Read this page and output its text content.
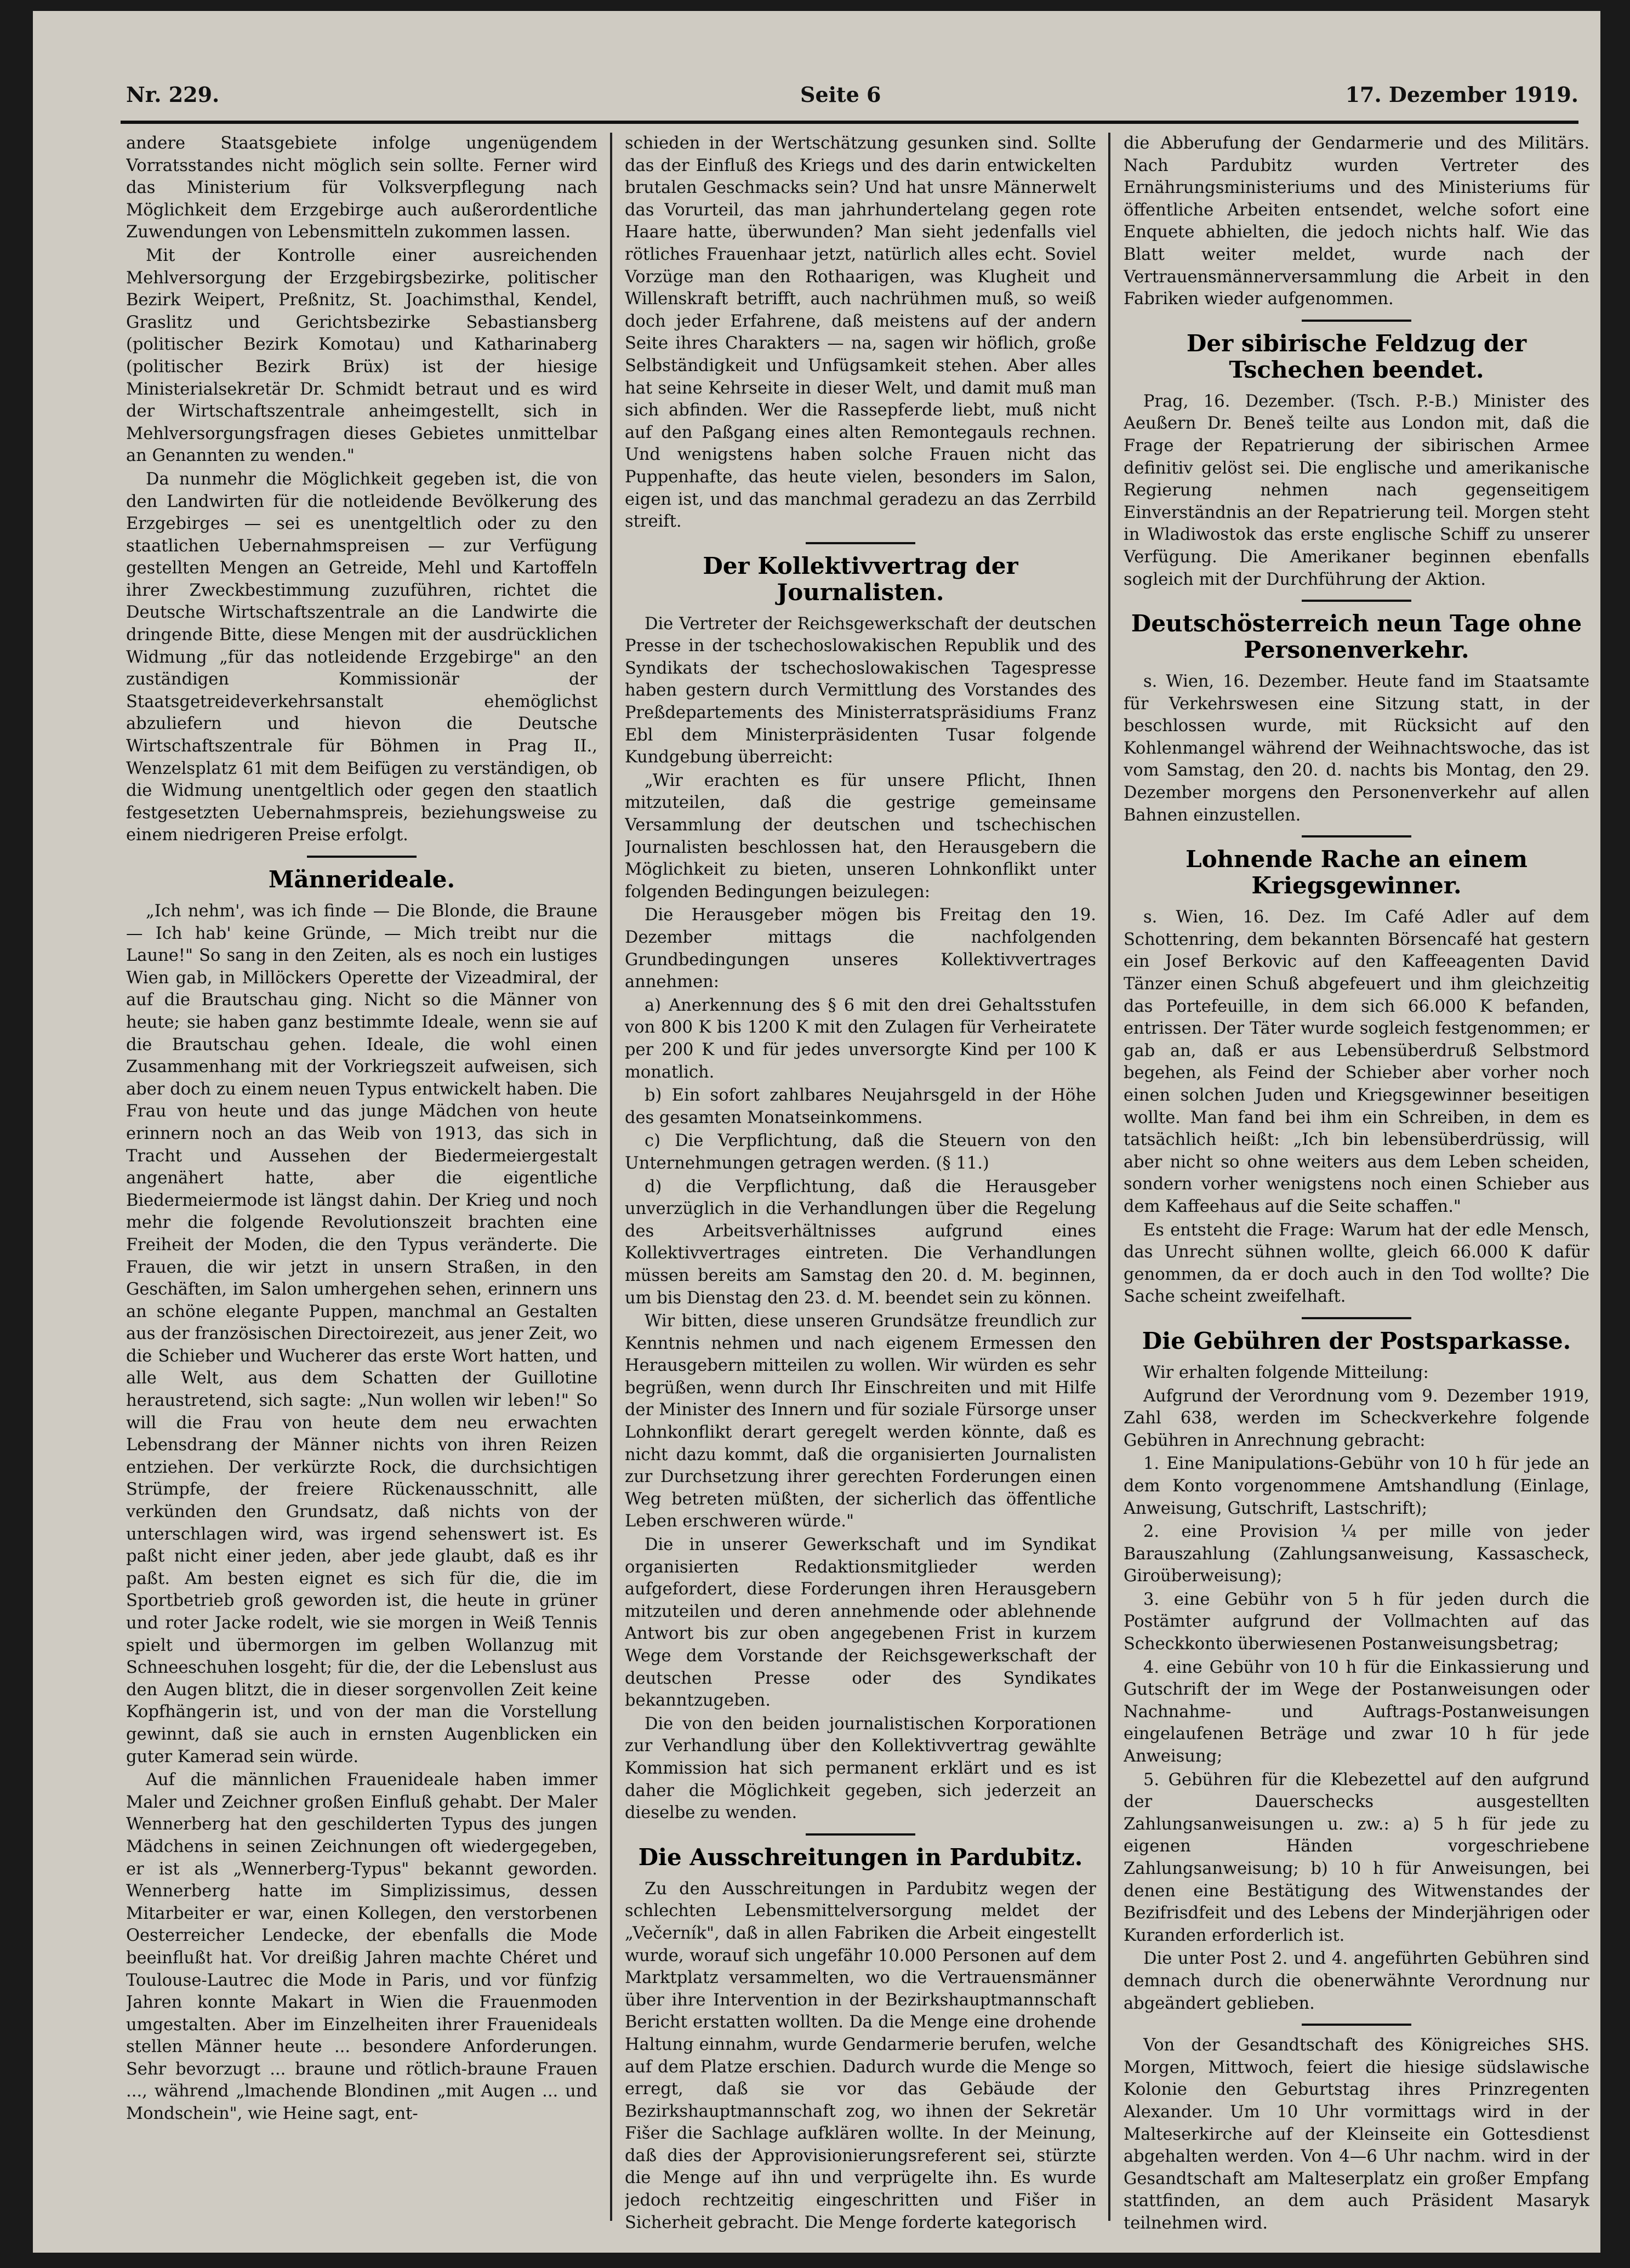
Nr. 229.	Seite 6	17. Dezember 1919.

andere Staatsgebiete infolge ungenügendem Vorratsstandes nicht möglich sein sollte. Ferner wird das Ministerium für Volksverpflegung nach Möglichkeit dem Erzgebirge auch außerordentliche Zuwendungen von Lebensmitteln zukommen lassen.

Mit der Kontrolle einer ausreichenden Mehlversorgung der Erzgebirgsbezirke, politischer Bezirk Weipert, Preßnitz, St. Joachimsthal, Kendel, Graslitz und Gerichtsbezirke Sebastiansberg (politischer Bezirk Komotau) und Katharinaberg (politischer Bezirk Brüx) ist der hiesige Ministerialsekretär Dr. Schmidt betraut und es wird der Wirtschaftszentrale anheimgestellt, sich in Mehlversorgungsfragen dieses Gebietes unmittelbar an Genannten zu wenden."

Da nunmehr die Möglichkeit gegeben ist, die von den Landwirten für die notleidende Bevölkerung des Erzgebirges — sei es unentgeltlich oder zu den staatlichen Uebernahmspreisen — zur Verfügung gestellten Mengen an Getreide, Mehl und Kartoffeln ihrer Zweckbestimmung zuzuführen, richtet die Deutsche Wirtschaftszentrale an die Landwirte die dringende Bitte, diese Mengen mit der ausdrücklichen Widmung „für das notleidende Erzgebirge" an den zuständigen Kommissionär der Staatsgetreideverkehrsanstalt ehemöglichst abzuliefern und hievon die Deutsche Wirtschaftszentrale für Böhmen in Prag II., Wenzelsplatz 61 mit dem Beifügen zu verständigen, ob die Widmung unentgeltlich oder gegen den staatlich festgesetzten Uebernahmspreis, beziehungsweise zu einem niedrigeren Preise erfolgt.

Männerideale.

„Ich nehm', was ich finde — Die Blonde, die Braune — Ich hab' keine Gründe, — Mich treibt nur die Laune!" So sang in den Zeiten, als es noch ein lustiges Wien gab, in Millöckers Operette der Vizeadmiral, der auf die Brautschau ging. Nicht so die Männer von heute; sie haben ganz bestimmte Ideale, wenn sie auf die Brautschau gehen. Ideale, die wohl einen Zusammenhang mit der Vorkriegszeit aufweisen, sich aber doch zu einem neuen Typus entwickelt haben. Die Frau von heute und das junge Mädchen von heute erinnern noch an das Weib von 1913, das sich in Tracht und Aussehen der Biedermeiergestalt angenähert hatte, aber die eigentliche Biedermeiermode ist längst dahin. Der Krieg und noch mehr die folgende Revolutionszeit brachten eine Freiheit der Moden, die den Typus veränderte. Die Frauen, die wir jetzt in unsern Straßen, in den Geschäften, im Salon umhergehen sehen, erinnern uns an schöne elegante Puppen, manchmal an Gestalten aus der französischen Directoirezeit, aus jener Zeit, wo die Schieber und Wucherer das erste Wort hatten, und alle Welt, aus dem Schatten der Guillotine heraustretend, sich sagte: „Nun wollen wir leben!" So will die Frau von heute dem neu erwachten Lebensdrang der Männer nichts von ihren Reizen entziehen. Der verkürzte Rock, die durchsichtigen Strümpfe, der freiere Rückenausschnitt, alle verkünden den Grundsatz, daß nichts von der unterschlagen wird, was irgend sehenswert ist. Es paßt nicht einer jeden, aber jede glaubt, daß es ihr paßt. Am besten eignet es sich für die, die im Sportbetrieb groß geworden ist, die heute in grüner und roter Jacke rodelt, wie sie morgen in Weiß Tennis spielt und übermorgen im gelben Wollanzug mit Schneeschuhen losgeht; für die, der die Lebenslust aus den Augen blitzt, die in dieser sorgenvollen Zeit keine Kopfhängerin ist, und von der man die Vorstellung gewinnt, daß sie auch in ernsten Augenblicken ein guter Kamerad sein würde.

Auf die männlichen Frauenideale haben immer Maler und Zeichner großen Einfluß gehabt. Der Maler Wennerberg hat den geschilderten Typus des jungen Mädchens in seinen Zeichnungen oft wiedergegeben, er ist als „Wennerberg-Typus" bekannt geworden. Wennerberg hatte im Simplizissimus, dessen Mitarbeiter er war, einen Kollegen, den verstorbenen Oesterreicher Lendecke, der ebenfalls die Mode beeinflußt hat. Vor dreißig Jahren machte Chéret und Toulouse-Lautrec die Mode in Paris, und vor fünfzig Jahren konnte Makart in Wien die Frauenmoden umgestalten. Aber im Einzelheiten ihrer Frauenideals stellen Männer heute ... besondere Anforderungen. Sehr bevorzugt ... braune und rötlich-braune Frauen ..., während „lmachende Blondinen „mit Augen ... und Mondschein", wie Heine sagt, ent-

schieden in der Wertschätzung gesunken sind. Sollte das der Einfluß des Kriegs und des darin entwickelten brutalen Geschmacks sein? Und hat unsre Männerwelt das Vorurteil, das man jahrhundertelang gegen rote Haare hatte, überwunden? Man sieht jedenfalls viel rötliches Frauenhaar jetzt, natürlich alles echt. Soviel Vorzüge man den Rothaarigen, was Klugheit und Willenskraft betrifft, auch nachrühmen muß, so weiß doch jeder Erfahrene, daß meistens auf der andern Seite ihres Charakters — na, sagen wir höflich, große Selbständigkeit und Unfügsamkeit stehen. Aber alles hat seine Kehrseite in dieser Welt, und damit muß man sich abfinden. Wer die Rassepferde liebt, muß nicht auf den Paßgang eines alten Remontegauls rechnen. Und wenigstens haben solche Frauen nicht das Puppenhafte, das heute vielen, besonders im Salon, eigen ist, und das manchmal geradezu an das Zerrbild streift.

Der Kollektivvertrag der Journalisten.

Die Vertreter der Reichsgewerkschaft der deutschen Presse in der tschechoslowakischen Republik und des Syndikats der tschechoslowakischen Tagespresse haben gestern durch Vermittlung des Vorstandes des Preßdepartements des Ministerratspräsidiums Franz Ebl dem Ministerpräsidenten Tusar folgende Kundgebung überreicht:

„Wir erachten es für unsere Pflicht, Ihnen mitzuteilen, daß die gestrige gemeinsame Versammlung der deutschen und tschechischen Journalisten beschlossen hat, den Herausgebern die Möglichkeit zu bieten, unseren Lohnkonflikt unter folgenden Bedingungen beizulegen:

Die Herausgeber mögen bis Freitag den 19. Dezember mittags die nachfolgenden Grundbedingungen unseres Kollektivvertrages annehmen:

a) Anerkennung des § 6 mit den drei Gehaltsstufen von 800 K bis 1200 K mit den Zulagen für Verheiratete per 200 K und für jedes unversorgte Kind per 100 K monatlich.

b) Ein sofort zahlbares Neujahrsgeld in der Höhe des gesamten Monatseinkommens.

c) Die Verpflichtung, daß die Steuern von den Unternehmungen getragen werden. (§ 11.)

d) die Verpflichtung, daß die Herausgeber unverzüglich in die Verhandlungen über die Regelung des Arbeitsverhältnisses aufgrund eines Kollektivvertrages eintreten. Die Verhandlungen müssen bereits am Samstag den 20. d. M. beginnen, um bis Dienstag den 23. d. M. beendet sein zu können.

Wir bitten, diese unseren Grundsätze freundlich zur Kenntnis nehmen und nach eigenem Ermessen den Herausgebern mitteilen zu wollen. Wir würden es sehr begrüßen, wenn durch Ihr Einschreiten und mit Hilfe der Minister des Innern und für soziale Fürsorge unser Lohnkonflikt derart geregelt werden könnte, daß es nicht dazu kommt, daß die organisierten Journalisten zur Durchsetzung ihrer gerechten Forderungen einen Weg betreten müßten, der sicherlich das öffentliche Leben erschweren würde."

Die in unserer Gewerkschaft und im Syndikat organisierten Redaktionsmitglieder werden aufgefordert, diese Forderungen ihren Herausgebern mitzuteilen und deren annehmende oder ablehnende Antwort bis zur oben angegebenen Frist in kurzem Wege dem Vorstande der Reichsgewerkschaft der deutschen Presse oder des Syndikates bekanntzugeben.

Die von den beiden journalistischen Korporationen zur Verhandlung über den Kollektivvertrag gewählte Kommission hat sich permanent erklärt und es ist daher die Möglichkeit gegeben, sich jederzeit an dieselbe zu wenden.

Die Ausschreitungen in Pardubitz.

Zu den Ausschreitungen in Pardubitz wegen der schlechten Lebensmittelversorgung meldet der „Večerník", daß in allen Fabriken die Arbeit eingestellt wurde, worauf sich ungefähr 10.000 Personen auf dem Marktplatz versammelten, wo die Vertrauensmänner über ihre Intervention in der Bezirkshauptmannschaft Bericht erstatten wollten. Da die Menge eine drohende Haltung einnahm, wurde Gendarmerie berufen, welche auf dem Platze erschien. Dadurch wurde die Menge so erregt, daß sie vor das Gebäude der Bezirkshauptmannschaft zog, wo ihnen der Sekretär Fišer die Sachlage aufklären wollte. In der Meinung, daß dies der Approvisionierungsreferent sei, stürzte die Menge auf ihn und verprügelte ihn. Es wurde jedoch rechtzeitig eingeschritten und Fišer in Sicherheit gebracht. Die Menge forderte kategorisch

die Abberufung der Gendarmerie und des Militärs. Nach Pardubitz wurden Vertreter des Ernährungsministeriums und des Ministeriums für öffentliche Arbeiten entsendet, welche sofort eine Enquete abhielten, die jedoch nichts half. Wie das Blatt weiter meldet, wurde nach der Vertrauensmännerversammlung die Arbeit in den Fabriken wieder aufgenommen.

Der sibirische Feldzug der Tschechen beendet.

Prag, 16. Dezember. (Tsch. P.-B.) Minister des Aeußern Dr. Beneš teilte aus London mit, daß die Frage der Repatrierung der sibirischen Armee definitiv gelöst sei. Die englische und amerikanische Regierung nehmen nach gegenseitigem Einverständnis an der Repatrierung teil. Morgen steht in Wladiwostok das erste englische Schiff zu unserer Verfügung. Die Amerikaner beginnen ebenfalls sogleich mit der Durchführung der Aktion.

Deutschösterreich neun Tage ohne Personenverkehr.

s. Wien, 16. Dezember. Heute fand im Staatsamte für Verkehrswesen eine Sitzung statt, in der beschlossen wurde, mit Rücksicht auf den Kohlenmangel während der Weihnachtswoche, das ist vom Samstag, den 20. d. nachts bis Montag, den 29. Dezember morgens den Personenverkehr auf allen Bahnen einzustellen.

Lohnende Rache an einem Kriegsgewinner.

s. Wien, 16. Dez. Im Café Adler auf dem Schottenring, dem bekannten Börsencafé hat gestern ein Josef Berkovic auf den Kaffeeagenten David Tänzer einen Schuß abgefeuert und ihm gleichzeitig das Portefeuille, in dem sich 66.000 K befanden, entrissen. Der Täter wurde sogleich festgenommen; er gab an, daß er aus Lebensüberdruß Selbstmord begehen, als Feind der Schieber aber vorher noch einen solchen Juden und Kriegsgewinner beseitigen wollte. Man fand bei ihm ein Schreiben, in dem es tatsächlich heißt: „Ich bin lebensüberdrüssig, will aber nicht so ohne weiters aus dem Leben scheiden, sondern vorher wenigstens noch einen Schieber aus dem Kaffeehaus auf die Seite schaffen."

Es entsteht die Frage: Warum hat der edle Mensch, das Unrecht sühnen wollte, gleich 66.000 K dafür genommen, da er doch auch in den Tod wollte? Die Sache scheint zweifelhaft.

Die Gebühren der Postsparkasse.

Wir erhalten folgende Mitteilung:

Aufgrund der Verordnung vom 9. Dezember 1919, Zahl 638, werden im Scheckverkehre folgende Gebühren in Anrechnung gebracht:

1. Eine Manipulations-Gebühr von 10 h für jede an dem Konto vorgenommene Amtshandlung (Einlage, Anweisung, Gutschrift, Lastschrift);

2. eine Provision ¼ per mille von jeder Barauszahlung (Zahlungsanweisung, Kassascheck, Giroüberweisung);

3. eine Gebühr von 5 h für jeden durch die Postämter aufgrund der Vollmachten auf das Scheckkonto überwiesenen Postanweisungsbetrag;

4. eine Gebühr von 10 h für die Einkassierung und Gutschrift der im Wege der Postanweisungen oder Nachnahme- und Auftrags-Postanweisungen eingelaufenen Beträge und zwar 10 h für jede Anweisung;

5. Gebühren für die Klebezettel auf den aufgrund der Dauerschecks ausgestellten Zahlungsanweisungen u. zw.: a) 5 h für jede zu eigenen Händen vorgeschriebene Zahlungsanweisung; b) 10 h für Anweisungen, bei denen eine Bestätigung des Witwenstandes der Bezifrisdfeit und des Lebens der Minderjährigen oder Kuranden erforderlich ist.

Die unter Post 2. und 4. angeführten Gebühren sind demnach durch die obenerwähnte Verordnung nur abgeändert geblieben.

Von der Gesandtschaft des Königreiches SHS. Morgen, Mittwoch, feiert die hiesige südslawische Kolonie den Geburtstag ihres Prinzregenten Alexander. Um 10 Uhr vormittags wird in der Malteserkirche auf der Kleinseite ein Gottesdienst abgehalten werden. Von 4—6 Uhr nachm. wird in der Gesandtschaft am Malteserplatz ein großer Empfang stattfinden, an dem auch Präsident Masaryk teilnehmen wird.
